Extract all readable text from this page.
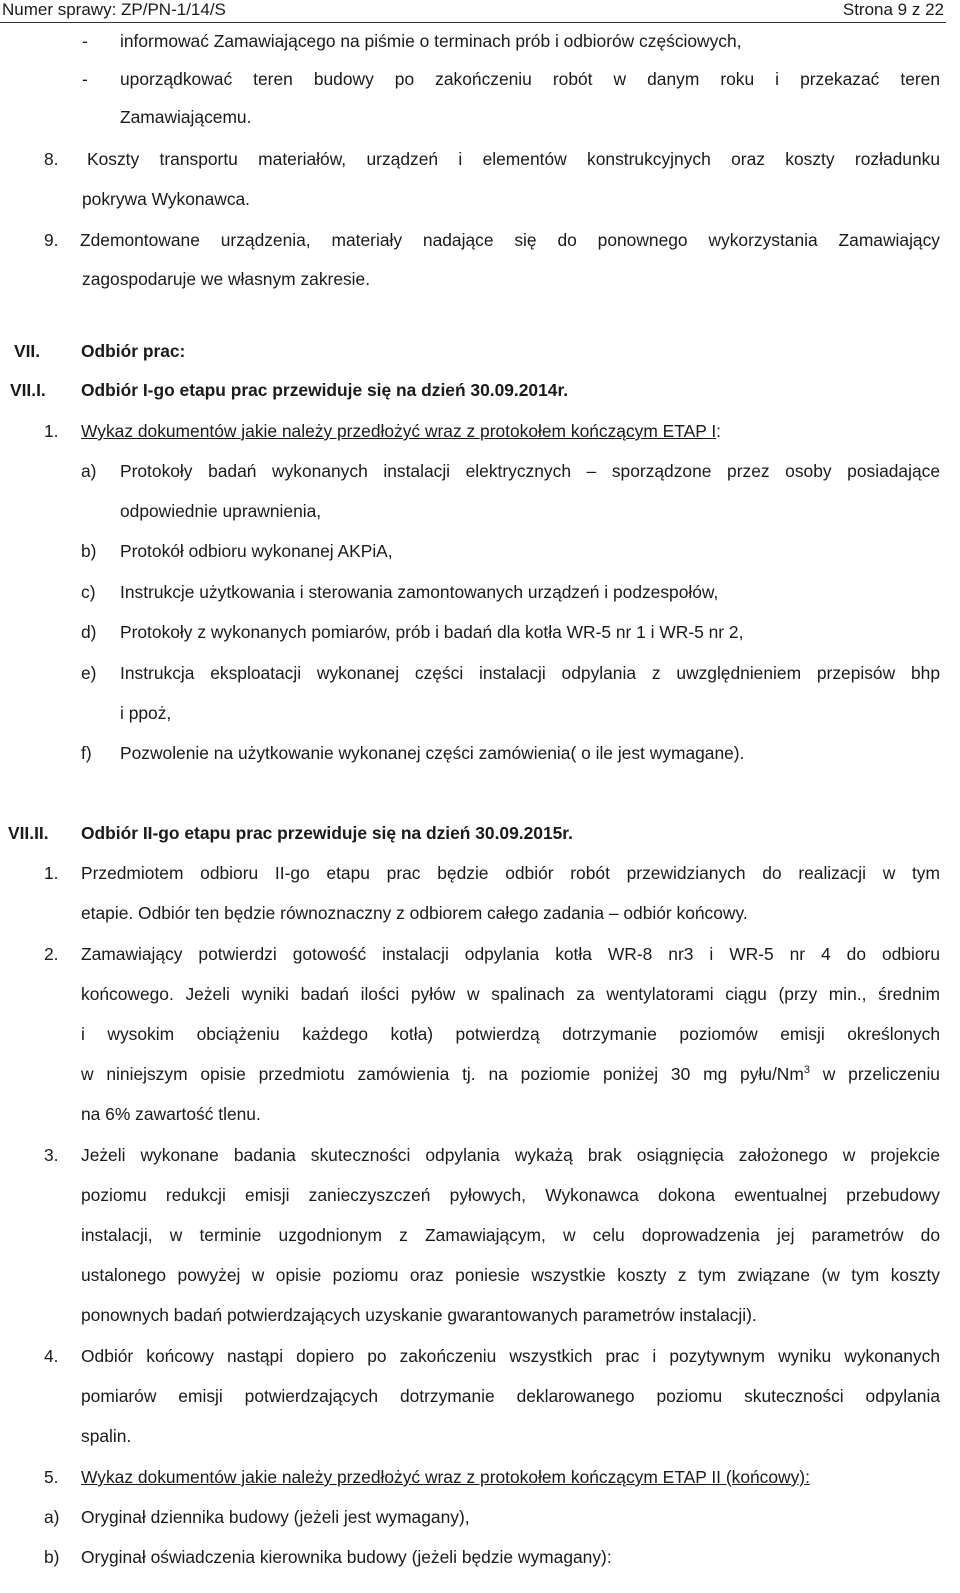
Numer sprawy: ZP/PN-1/14/S	Strona 9 z 22
- informować Zamawiającego na piśmie o terminach prób i odbiorów częściowych,
- uporządkować teren budowy po zakończeniu robót w danym roku i przekazać teren
Zamawiającemu.
8. Koszty transportu materiałów, urządzeń i elementów konstrukcyjnych oraz koszty rozładunku
pokrywa Wykonawca.
9. Zdemontowane urządzenia, materiały nadające się do ponownego wykorzystania Zamawiający
zagospodaruje we własnym zakresie.
VII. Odbiór prac:
VII.I. Odbiór I-go etapu prac przewiduje się na dzień 30.09.2014r.
1. Wykaz dokumentów jakie należy przedłożyć wraz z protokołem kończącym ETAP I:
a) Protokoły badań wykonanych instalacji elektrycznych – sporządzone przez osoby posiadające
odpowiednie uprawnienia,
b) Protokół odbioru wykonanej AKPiA,
c) Instrukcje użytkowania i sterowania zamontowanych urządzeń i podzespołów,
d) Protokoły z wykonanych pomiarów, prób i badań dla kotła WR-5 nr 1 i WR-5 nr 2,
e) Instrukcja eksploatacji wykonanej części instalacji odpylania z uwzględnieniem przepisów bhp
i ppoż,
f) Pozwolenie na użytkowanie wykonanej części zamówienia( o ile jest wymagane).
VII.II. Odbiór II-go etapu prac przewiduje się na dzień 30.09.2015r.
1. Przedmiotem odbioru II-go etapu prac będzie odbiór robót przewidzianych do realizacji w tym
etapie. Odbiór ten będzie równoznaczny z odbiorem całego zadania – odbiór końcowy.
2. Zamawiający potwierdzi gotowość instalacji odpylania kotła WR-8 nr3 i WR-5 nr 4 do odbioru
końcowego. Jeżeli wyniki badań ilości pyłów w spalinach za wentylatorami ciągu (przy min., średnim
i wysokim obciążeniu każdego kotła) potwierdzą dotrzymanie poziomów emisji określonych
w niniejszym opisie przedmiotu zamówienia tj. na poziomie poniżej 30 mg pyłu/Nm$^3$ w przeliczeniu
na 6% zawartość tlenu.
3. Jeżeli wykonane badania skuteczności odpylania wykażą brak osiągnięcia założonego w projekcie
poziomu redukcji emisji zanieczyszczeń pyłowych, Wykonawca dokona ewentualnej przebudowy
instalacji, w terminie uzgodnionym z Zamawiającym, w celu doprowadzenia jej parametrów do
ustalonego powyżej w opisie poziomu oraz poniesie wszystkie koszty z tym związane (w tym koszty
ponownych badań potwierdzających uzyskanie gwarantowanych parametrów instalacji).
4. Odbiór końcowy nastąpi dopiero po zakończeniu wszystkich prac i pozytywnym wyniku wykonanych
pomiarów emisji potwierdzających dotrzymanie deklarowanego poziomu skuteczności odpylania
spalin.
5. Wykaz dokumentów jakie należy przedłożyć wraz z protokołem kończącym ETAP II (końcowy):
a) Oryginał dziennika budowy (jeżeli jest wymagany),
b) Oryginał oświadczenia kierownika budowy (jeżeli będzie wymagany):
